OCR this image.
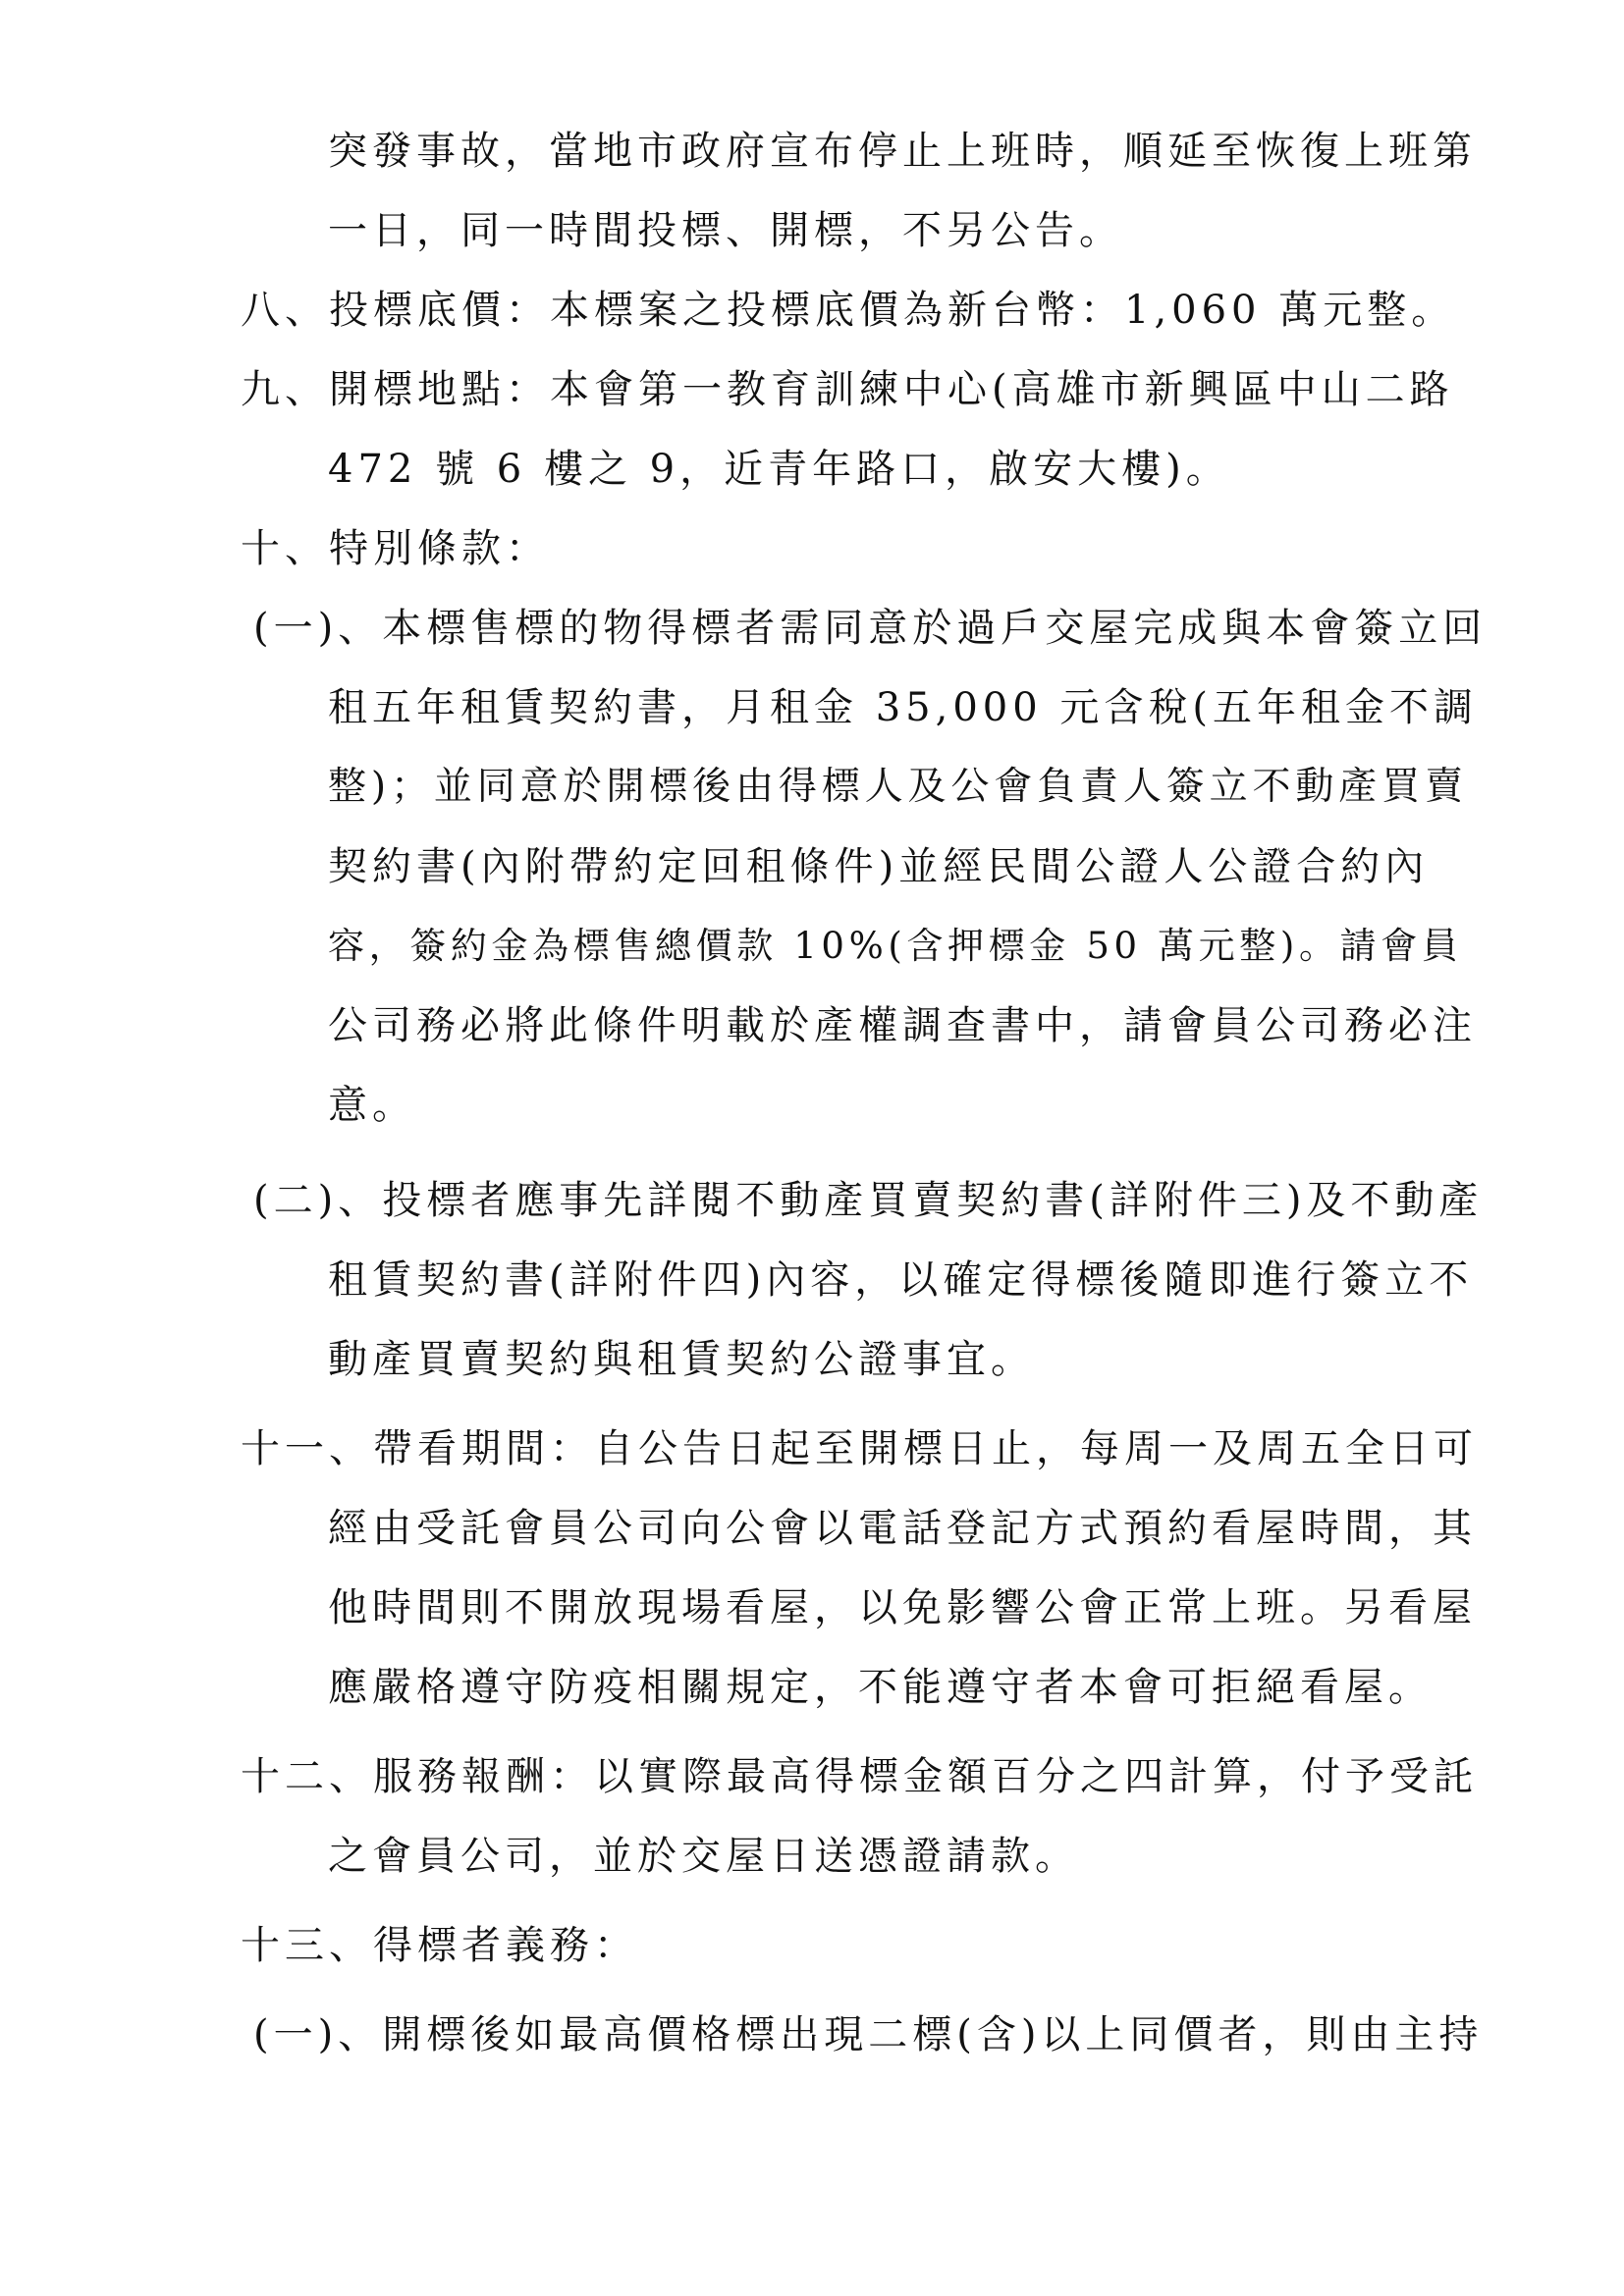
突發事故，當地市政府宣布停止上班時，順延至恢復上班第
一日，同一時間投標、開標，不另公告。
八、投標底價：本標案之投標底價為新台幣：1,060 萬元整。
九、開標地點：本會第一教育訓練中心(高雄市新興區中山二路
472 號 6 樓之 9，近青年路口，啟安大樓)。
十、特別條款：
(一)、本標售標的物得標者需同意於過戶交屋完成與本會簽立回
租五年租賃契約書，月租金 35,000 元含稅(五年租金不調
整)；並同意於開標後由得標人及公會負責人簽立不動產買賣
契約書(內附帶約定回租條件)並經民間公證人公證合約內
容，簽約金為標售總價款 10%(含押標金 50 萬元整)。請會員
公司務必將此條件明載於產權調查書中，請會員公司務必注
意。
(二)、投標者應事先詳閱不動產買賣契約書(詳附件三)及不動產
租賃契約書(詳附件四)內容，以確定得標後隨即進行簽立不
動產買賣契約與租賃契約公證事宜。
十一、帶看期間：自公告日起至開標日止，每周一及周五全日可
經由受託會員公司向公會以電話登記方式預約看屋時間，其
他時間則不開放現場看屋，以免影響公會正常上班。另看屋
應嚴格遵守防疫相關規定，不能遵守者本會可拒絕看屋。
十二、服務報酬：以實際最高得標金額百分之四計算，付予受託
之會員公司，並於交屋日送憑證請款。
十三、得標者義務：
(一)、開標後如最高價格標出現二標(含)以上同價者，則由主持
